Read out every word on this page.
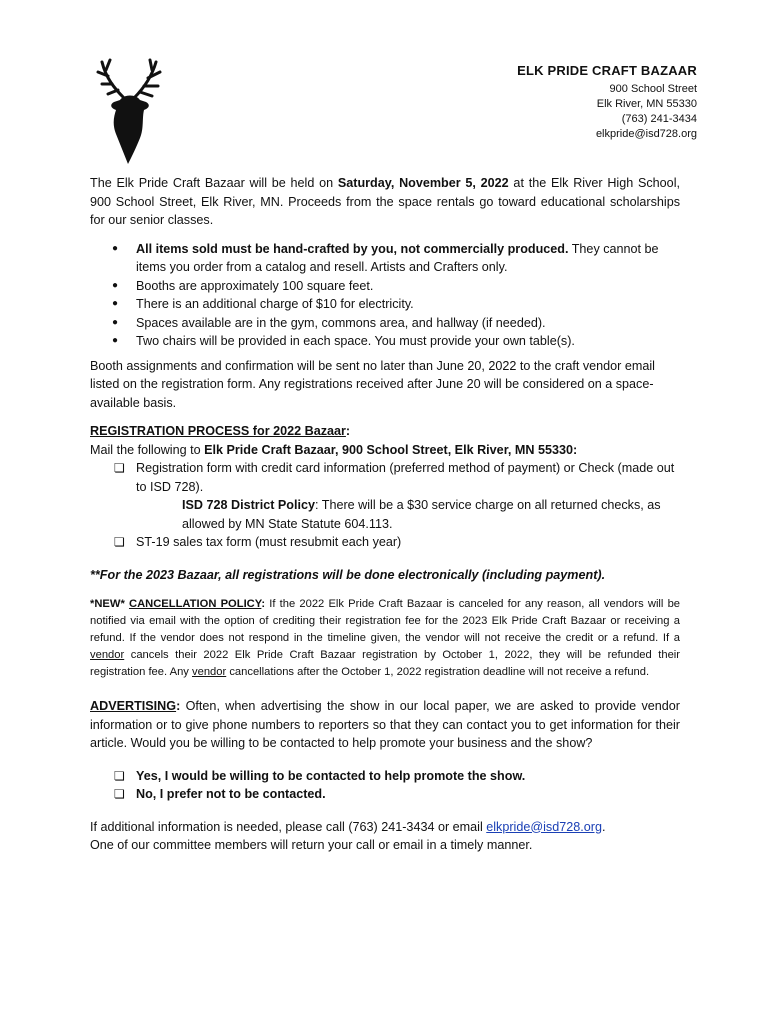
ELK PRIDE CRAFT BAZAAR
900 School Street
Elk River, MN 55330
(763) 241-3434
elkpride@isd728.org

The Elk Pride Craft Bazaar will be held on Saturday, November 5, 2022 at the Elk River High School, 900 School Street, Elk River, MN. Proceeds from the space rentals go toward educational scholarships for our senior classes.

● All items sold must be hand-crafted by you, not commercially produced. They cannot be items you order from a catalog and resell. Artists and Crafters only.
● Booths are approximately 100 square feet.
● There is an additional charge of $10 for electricity.
● Spaces available are in the gym, commons area, and hallway (if needed).
● Two chairs will be provided in each space. You must provide your own table(s).

Booth assignments and confirmation will be sent no later than June 20, 2022 to the craft vendor email listed on the registration form. Any registrations received after June 20 will be considered on a space-available basis.

REGISTRATION PROCESS for 2022 Bazaar:

Mail the following to Elk Pride Craft Bazaar, 900 School Street, Elk River, MN 55330:

❏ Registration form with credit card information (preferred method of payment) or Check (made out to ISD 728).
ISD 728 District Policy: There will be a $30 service charge on all returned checks, as allowed by MN State Statute 604.113.
❏ ST-19 sales tax form (must resubmit each year)

**For the 2023 Bazaar, all registrations will be done electronically (including payment).

*NEW* CANCELLATION POLICY: If the 2022 Elk Pride Craft Bazaar is canceled for any reason, all vendors will be notified via email with the option of crediting their registration fee for the 2023 Elk Pride Craft Bazaar or receiving a refund. If the vendor does not respond in the timeline given, the vendor will not receive the credit or a refund. If a vendor cancels their 2022 Elk Pride Craft Bazaar registration by October 1, 2022, they will be refunded their registration fee. Any vendor cancellations after the October 1, 2022 registration deadline will not receive a refund.

ADVERTISING: Often, when advertising the show in our local paper, we are asked to provide vendor information or to give phone numbers to reporters so that they can contact you to get information for their article. Would you be willing to be contacted to help promote your business and the show?

❏ Yes, I would be willing to be contacted to help promote the show.
❏ No, I prefer not to be contacted.

If additional information is needed, please call (763) 241-3434 or email elkpride@isd728.org.

One of our committee members will return your call or email in a timely manner.
